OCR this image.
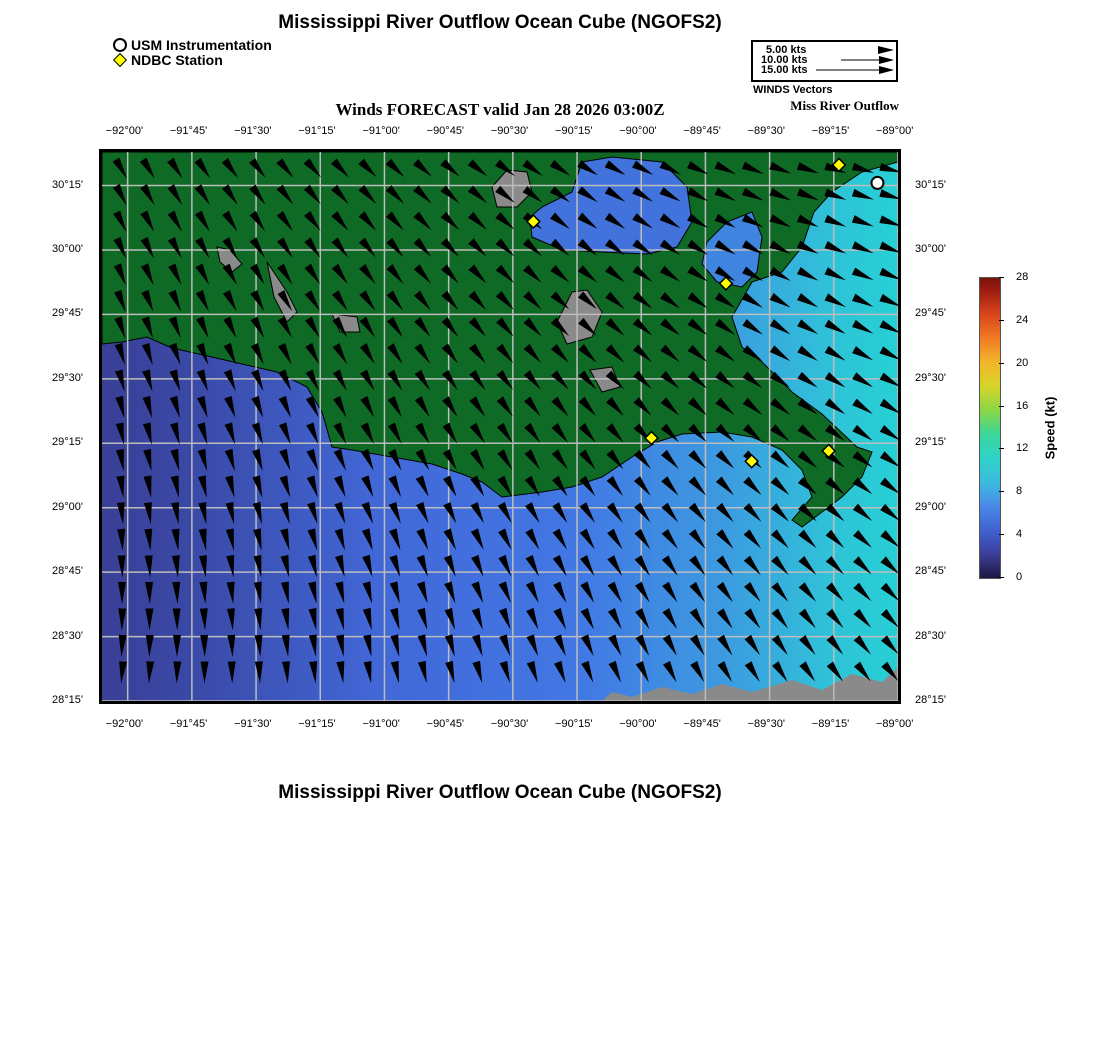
Mississippi River Outflow Ocean Cube (NGOFS2)
USM Instrumentation
NDBC Station
5.00 kts
10.00 kts
15.00 kts
WINDS Vectors
Winds FORECAST valid Jan 28 2026 03:00Z	Miss River Outflow
−92°00'
−92°00'
−91°45'
−91°45'
−91°30'
−91°30'
−91°15'
−91°15'
−91°00'
−91°00'
−90°45'
−90°45'
−90°30'
−90°30'
−90°15'
−90°15'
−90°00'
−90°00'
−89°45'
−89°45'
−89°30'
−89°30'
−89°15'
−89°15'
−89°00'
−89°00'
30°15'	30°15'
30°00'	30°00'
29°45'	29°45'
29°30'	29°30'
29°15'	29°15'
29°00'	29°00'
28°45'	28°45'
28°30'	28°30'
28°15'	28°15'
Speed (kt)
28
24
20
16
12
8
4
0
Mississippi River Outflow Ocean Cube (NGOFS2)
